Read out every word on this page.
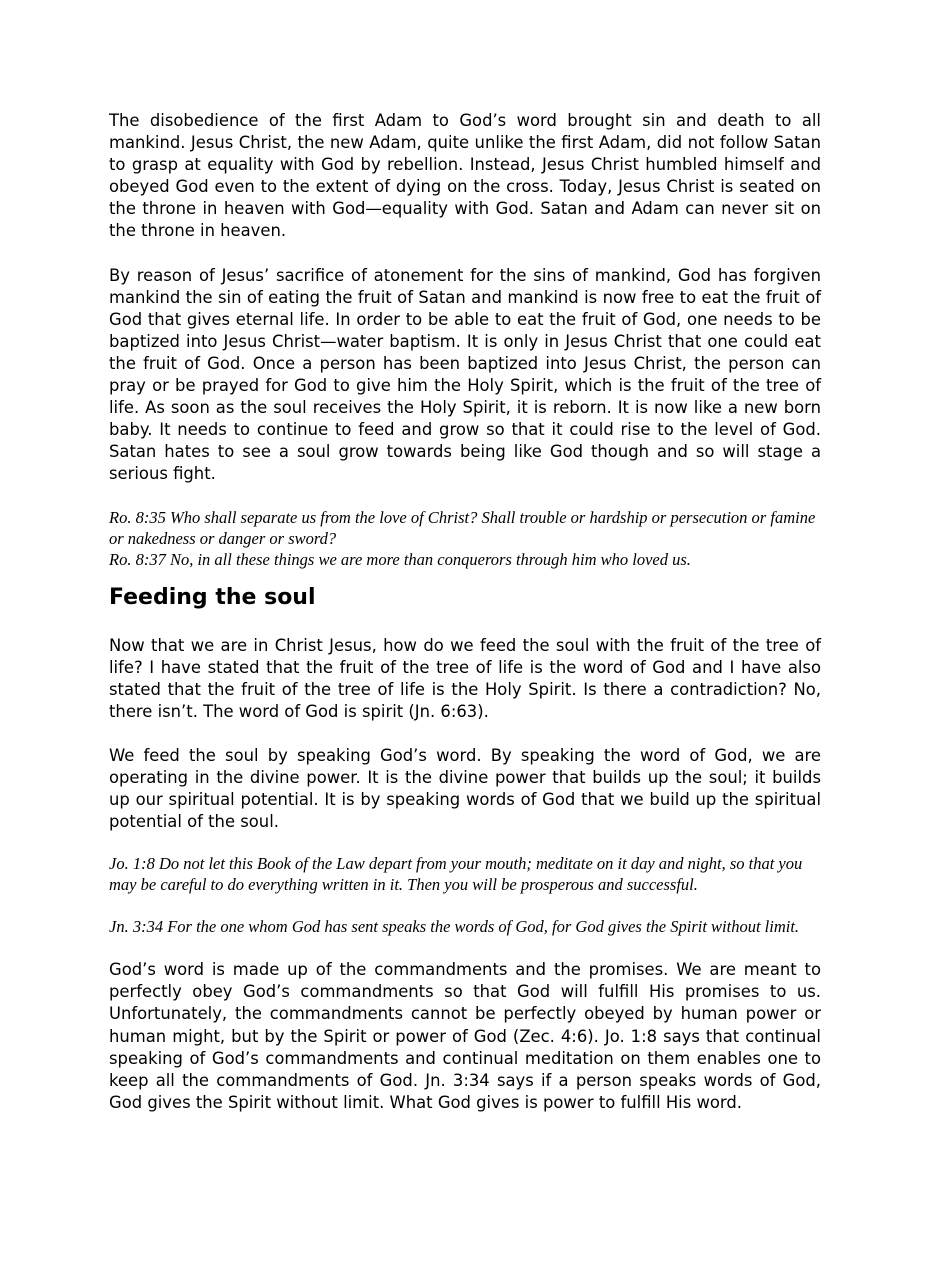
The disobedience of the first Adam to God’s word brought sin and death to all mankind. Jesus Christ, the new Adam, quite unlike the first Adam, did not follow Satan to grasp at equality with God by rebellion. Instead, Jesus Christ humbled himself and obeyed God even to the extent of dying on the cross. Today, Jesus Christ is seated on the throne in heaven with God—equality with God. Satan and Adam can never sit on the throne in heaven.

By reason of Jesus’ sacrifice of atonement for the sins of mankind, God has forgiven mankind the sin of eating the fruit of Satan and mankind is now free to eat the fruit of God that gives eternal life. In order to be able to eat the fruit of God, one needs to be baptized into Jesus Christ—water baptism. It is only in Jesus Christ that one could eat the fruit of God. Once a person has been baptized into Jesus Christ, the person can pray or be prayed for God to give him the Holy Spirit, which is the fruit of the tree of life. As soon as the soul receives the Holy Spirit, it is reborn. It is now like a new born baby. It needs to continue to feed and grow so that it could rise to the level of God. Satan hates to see a soul grow towards being like God though and so will stage a serious fight.

Ro. 8:35 Who shall separate us from the love of Christ? Shall trouble or hardship or persecution or famine or nakedness or danger or sword?
Ro. 8:37 No, in all these things we are more than conquerors through him who loved us.
Feeding the soul

Now that we are in Christ Jesus, how do we feed the soul with the fruit of the tree of life? I have stated that the fruit of the tree of life is the word of God and I have also stated that the fruit of the tree of life is the Holy Spirit. Is there a contradiction? No, there isn’t. The word of God is spirit (Jn. 6:63).

We feed the soul by speaking God’s word. By speaking the word of God, we are operating in the divine power. It is the divine power that builds up the soul; it builds up our spiritual potential. It is by speaking words of God that we build up the spiritual potential of the soul.

Jo. 1:8 Do not let this Book of the Law depart from your mouth; meditate on it day and night, so that you may be careful to do everything written in it. Then you will be prosperous and successful.

Jn. 3:34 For the one whom God has sent speaks the words of God, for God gives the Spirit without limit.

God’s word is made up of the commandments and the promises. We are meant to perfectly obey God’s commandments so that God will fulfill His promises to us. Unfortunately, the commandments cannot be perfectly obeyed by human power or human might, but by the Spirit or power of God (Zec. 4:6). Jo. 1:8 says that continual speaking of God’s commandments and continual meditation on them enables one to keep all the commandments of God. Jn. 3:34 says if a person speaks words of God, God gives the Spirit without limit. What God gives is power to fulfill His word.
